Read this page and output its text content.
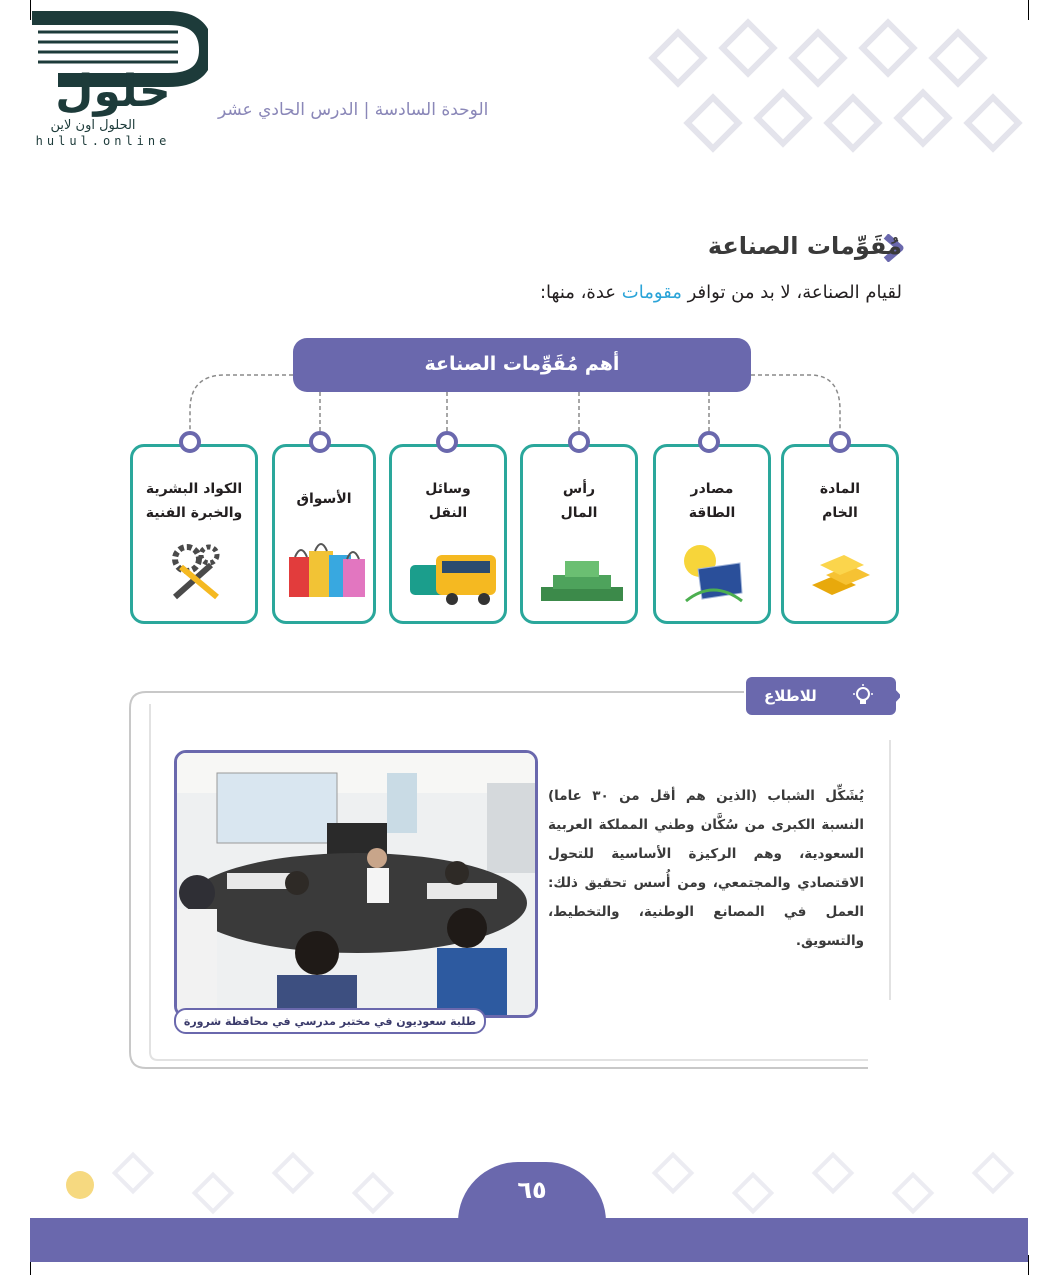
حلول
الحلول اون لاين
hulul.online
الوحدة السادسة | الدرس الحادي عشر
مُقَوِّمات الصناعة
لقيام الصناعة، لا بد من توافر مقومات عدة، منها:
أهم مُقَوِّمات الصناعة
المادة
الخام
مصادر
الطاقة
رأس
المال
وسائل
النقل
الأسواق
الكواد البشرية
والخبرة الفنية
للاطلاع
طلبة سعوديون في مختبر مدرسي في محافظة شرورة
يُشَكِّل الشباب (الذين هم أقل من ٣٠ عاما) النسبة الكبرى من سُكَّان وطني المملكة العربية السعودية، وهم الركيزة الأساسية للتحول الاقتصادي والمجتمعي، ومن أُسس تحقيق ذلك: العمل في المصانع الوطنية، والتخطيط، والتسويق.
٦٥
